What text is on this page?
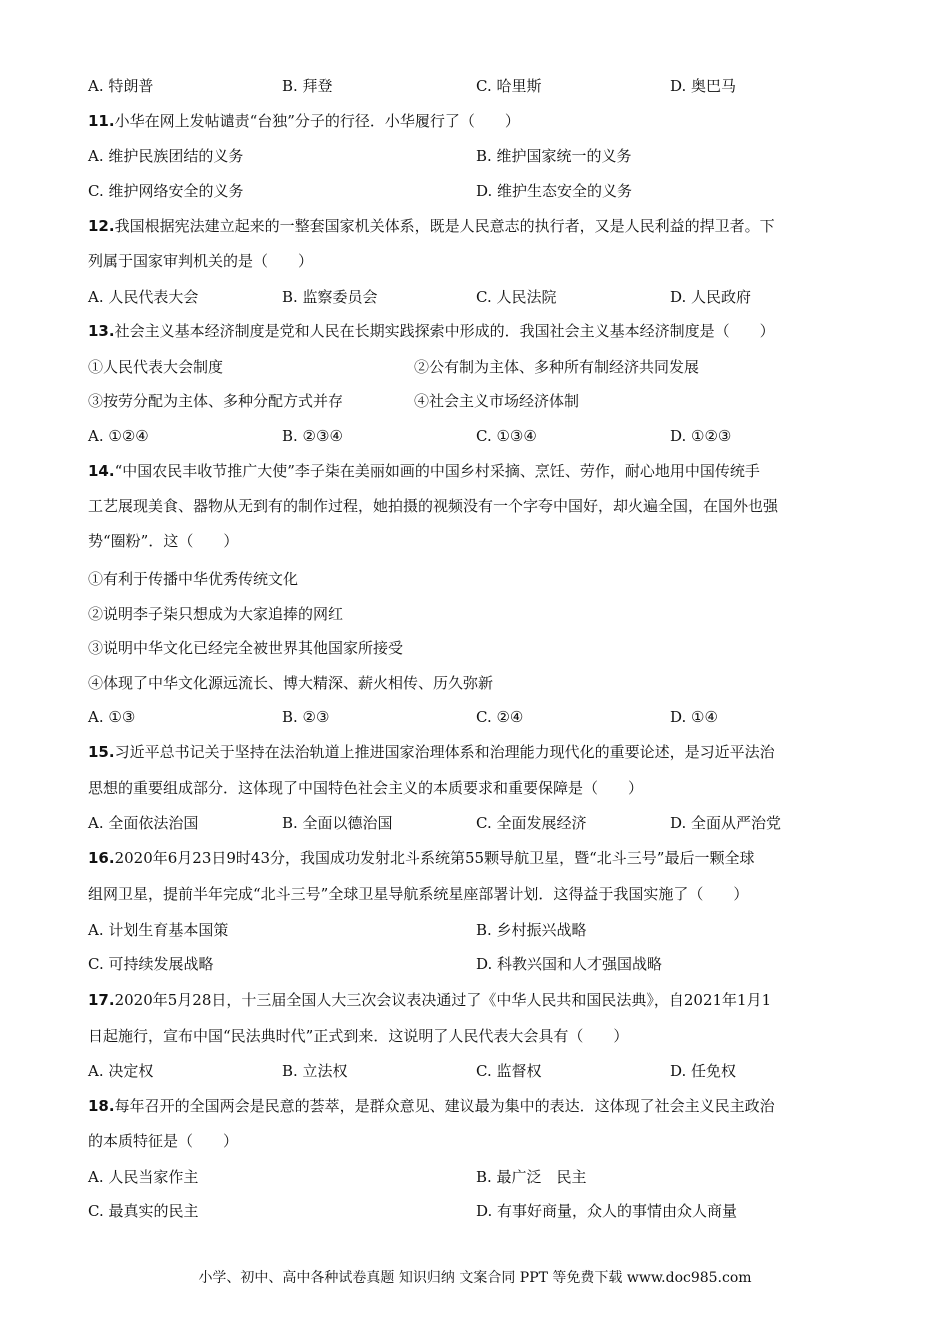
A. 特朗普	B. 拜登	C. 哈里斯	D. 奥巴马
11.小华在网上发帖谴责“台独”分子的行径．小华履行了（　　）
A. 维护民族团结的义务	B. 维护国家统一的义务
C. 维护网络安全的义务	D. 维护生态安全的义务
12.我国根据宪法建立起来的一整套国家机关体系，既是人民意志的执行者，又是人民利益的捍卫者。下
列属于国家审判机关的是（　　）
A. 人民代表大会	B. 监察委员会	C. 人民法院	D. 人民政府
13.社会主义基本经济制度是党和人民在长期实践探索中形成的．我国社会主义基本经济制度是（　　）
①人民代表大会制度	②公有制为主体、多种所有制经济共同发展
③按劳分配为主体、多种分配方式并存	④社会主义市场经济体制
A. ①②④	B. ②③④	C. ①③④	D. ①②③
14.“中国农民丰收节推广大使”李子柒在美丽如画的中国乡村采摘、烹饪、劳作，耐心地用中国传统手
工艺展现美食、器物从无到有的制作过程，她拍摄的视频没有一个字夸中国好，却火遍全国，在国外也强
势“圈粉”．这（　　）
①有利于传播中华优秀传统文化
②说明李子柒只想成为大家追捧的网红
③说明中华文化已经完全被世界其他国家所接受
④体现了中华文化源远流长、博大精深、薪火相传、历久弥新
A. ①③	B. ②③	C. ②④	D. ①④
15.习近平总书记关于坚持在法治轨道上推进国家治理体系和治理能力现代化的重要论述，是习近平法治
思想的重要组成部分．这体现了中国特色社会主义的本质要求和重要保障是（　　）
A. 全面依法治国	B. 全面以德治国	C. 全面发展经济	D. 全面从严治党
16.2020年6月23日9时43分，我国成功发射北斗系统第55颗导航卫星，暨“北斗三号”最后一颗全球
组网卫星，提前半年完成“北斗三号”全球卫星导航系统星座部署计划．这得益于我国实施了（　　）
A. 计划生育基本国策	B. 乡村振兴战略
C. 可持续发展战略	D. 科教兴国和人才强国战略
17.2020年5月28日，十三届全国人大三次会议表决通过了《中华人民共和国民法典》，自2021年1月1
日起施行，宣布中国“民法典时代”正式到来．这说明了人民代表大会具有（　　）
A. 决定权	B. 立法权	C. 监督权	D. 任免权
18.每年召开的全国两会是民意的荟萃，是群众意见、建议最为集中的表达．这体现了社会主义民主政治
的本质特征是（　　）
A. 人民当家作主	B. 最广泛　民主
C. 最真实的民主	D. 有事好商量，众人的事情由众人商量
小学、初中、高中各种试卷真题 知识归纳 文案合同 PPT 等免费下载 www.doc985.com
